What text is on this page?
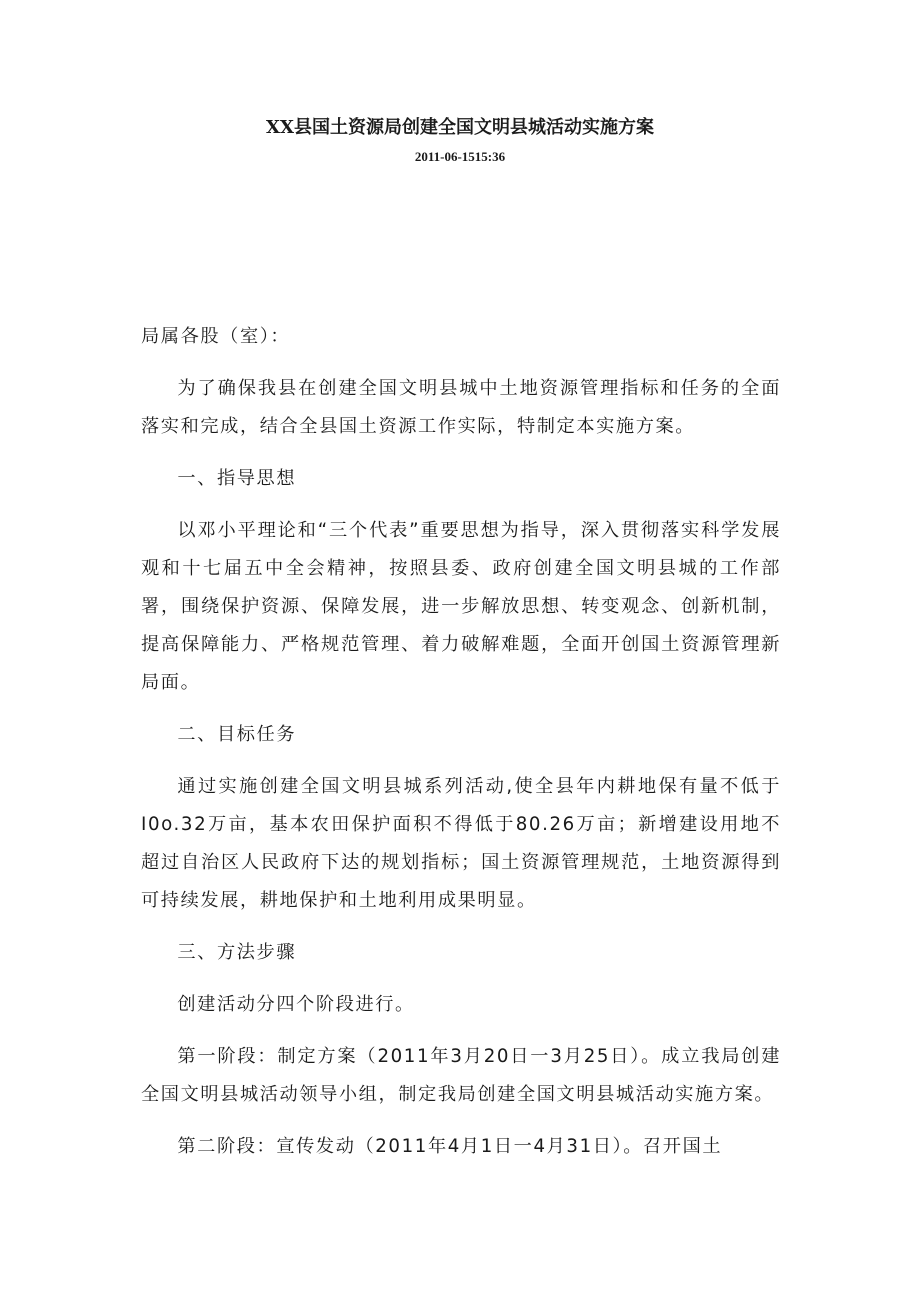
XX县国土资源局创建全国文明县城活动实施方案
2011-06-1515:36

局属各股（室）：

为了确保我县在创建全国文明县城中土地资源管理指标和任务的全面落实和完成，结合全县国土资源工作实际，特制定本实施方案。

一、指导思想

以邓小平理论和“三个代表”重要思想为指导，深入贯彻落实科学发展观和十七届五中全会精神，按照县委、政府创建全国文明县城的工作部署，围绕保护资源、保障发展，进一步解放思想、转变观念、创新机制，提高保障能力、严格规范管理、着力破解难题，全面开创国土资源管理新局面。

二、目标任务

通过实施创建全国文明县城系列活动,使全县年内耕地保有量不低于I0o.32万亩，基本农田保护面积不得低于80.26万亩；新增建设用地不超过自治区人民政府下达的规划指标；国土资源管理规范，土地资源得到可持续发展，耕地保护和土地利用成果明显。

三、方法步骤

创建活动分四个阶段进行。

第一阶段：制定方案（2011年3月20日一3月25日）。成立我局创建全国文明县城活动领导小组，制定我局创建全国文明县城活动实施方案。

第二阶段：宣传发动（2011年4月1日一4月31日）。召开国土
